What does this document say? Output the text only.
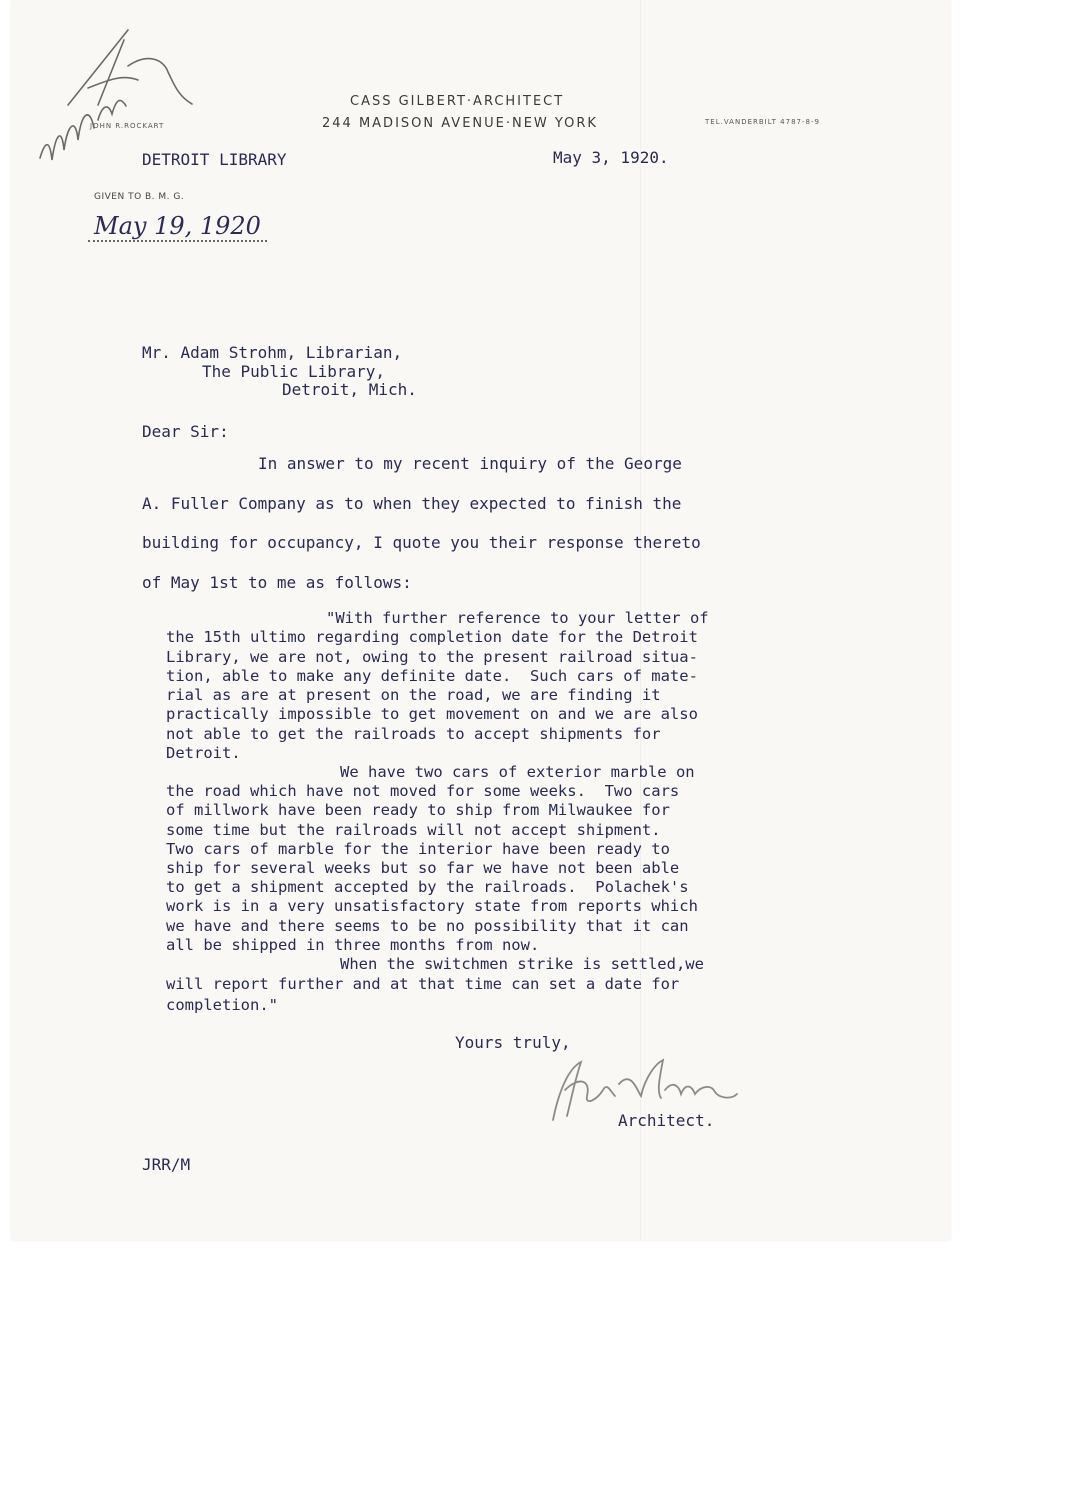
CASS GILBERT·ARCHITECT
244 MADISON AVENUE·NEW YORK
JOHN R.ROCKART	TEL.VANDERBILT 4787-8-9
DETROIT LIBRARY	May 3, 1920.
GIVEN TO B. M. G.
May 19, 1920
Mr. Adam Strohm, Librarian,
The Public Library,
Detroit, Mich.
Dear Sir:
In answer to my recent inquiry of the George
A. Fuller Company as to when they expected to finish the
building for occupancy, I quote you their response thereto
of May 1st to me as follows:
"With further reference to your letter of
the 15th ultimo regarding completion date for the Detroit
Library, we are not, owing to the present railroad situa-
tion, able to make any definite date.  Such cars of mate-
rial as are at present on the road, we are finding it
practically impossible to get movement on and we are also
not able to get the railroads to accept shipments for
Detroit.
We have two cars of exterior marble on
the road which have not moved for some weeks.  Two cars
of millwork have been ready to ship from Milwaukee for
some time but the railroads will not accept shipment.
Two cars of marble for the interior have been ready to
ship for several weeks but so far we have not been able
to get a shipment accepted by the railroads.  Polachek's
work is in a very unsatisfactory state from reports which
we have and there seems to be no possibility that it can
all be shipped in three months from now.
When the switchmen strike is settled,we
will report further and at that time can set a date for
completion."
Yours truly,
Architect.
JRR/M
